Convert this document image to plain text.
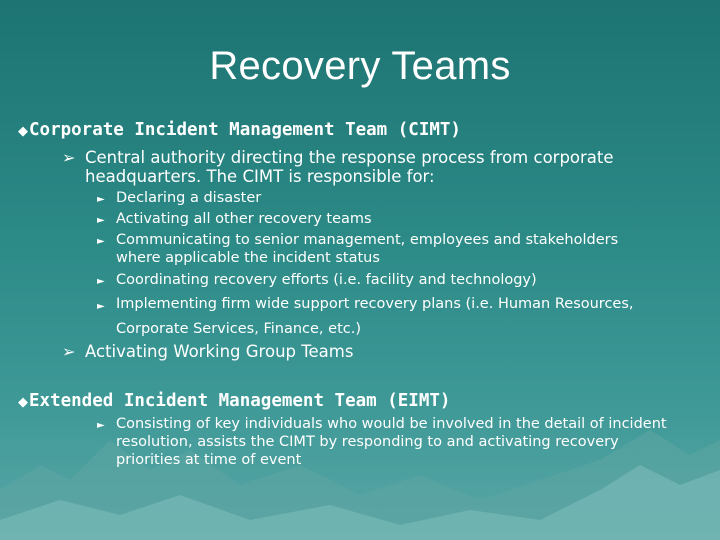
Recovery Teams
◆Corporate Incident Management Team (CIMT)
➢ Central authority directing the response process from corporate headquarters. The CIMT is responsible for:
► Declaring a disaster
► Activating all other recovery teams
► Communicating to senior management, employees and stakeholders where applicable the incident status
► Coordinating recovery efforts (i.e. facility and technology)
► Implementing firm wide support recovery plans (i.e. Human Resources, Corporate Services, Finance, etc.)
➢ Activating Working Group Teams
◆Extended Incident Management Team (EIMT)
► Consisting of key individuals who would be involved in the detail of incident resolution, assists the CIMT by responding to and activating recovery priorities at time of event
